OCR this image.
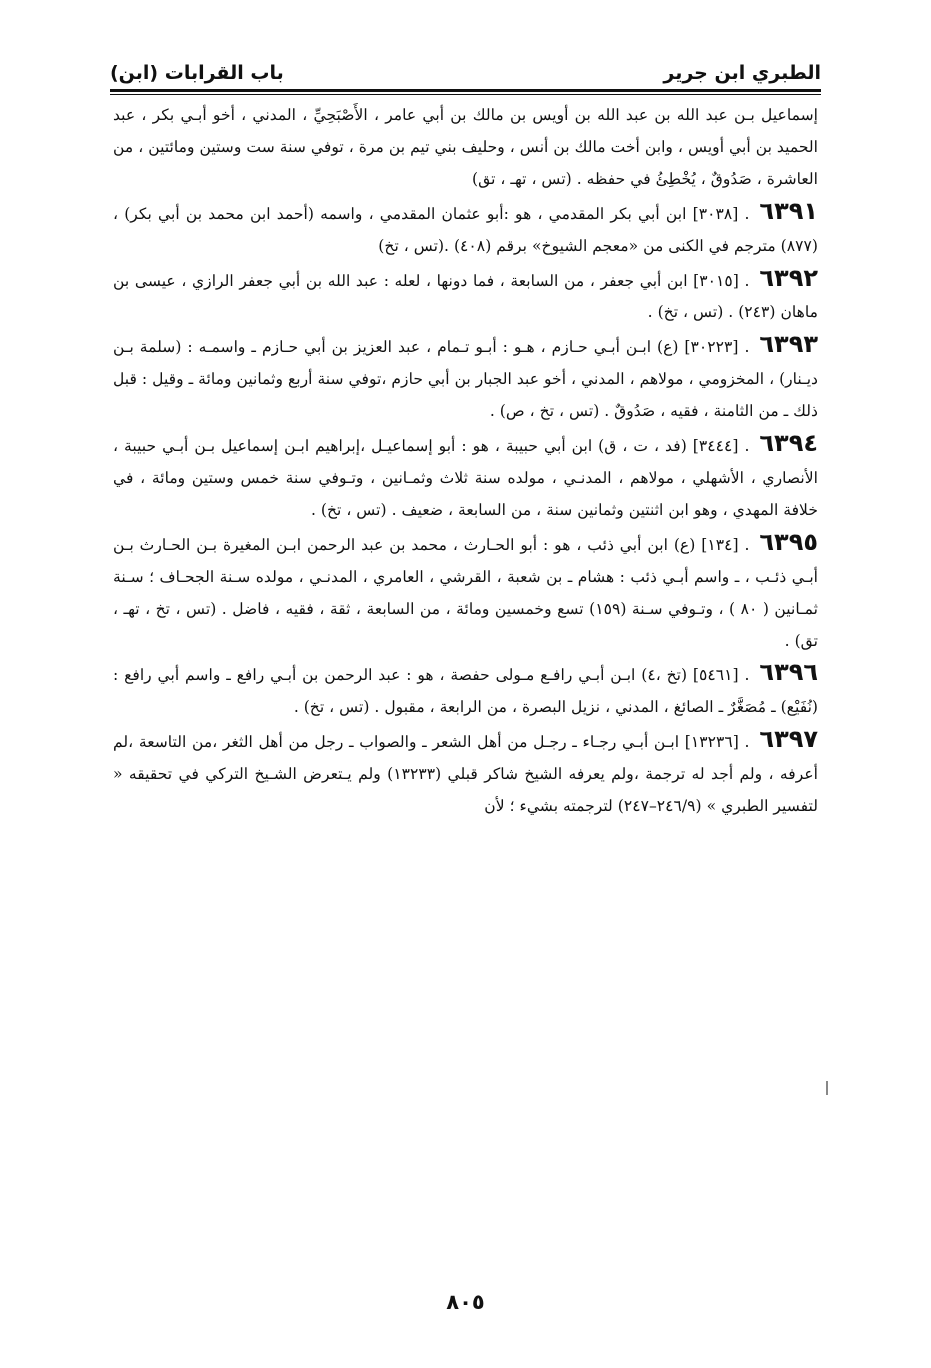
الطبري ابن جرير
باب القرابات (ابن)

إسماعيل بـن عبد الله بن عبد الله بن أويس بن مالك بن أبي عامر ، الأَصْبَحِيِّ ، المدني ، أخو أبـي بكر ، عبد الحميد بن أبي أويس ، وابن أخت مالك بن أنس ، وحليف بني تيم بن مرة ، توفي سنة ست وستين ومائتين ، من العاشرة ، صَدُوقٌ ، يُخْطِئُ في حفظه . (تس ، تهـ ، تق)

٦٣٩١. [٣٠٣٨] ابن أبي بكر المقدمي ، هو :أبو عثمان المقدمي ، واسمه (أحمد ابن محمد بن أبي بكر) ، (٨٧٧) مترجم في الكنى من «معجم الشيوخ» برقم (٤٠٨) .(تس ، تخ)

٦٣٩٢. [٣٠١٥] ابن أبي جعفر ، من السابعة ، فما دونها ، لعله : عبد الله بن أبي جعفر الرازي ، عيسى بن ماهان (٢٤٣) . (تس ، تخ) .

٦٣٩٣. [٣٠٢٢٣] (ع) ابـن أبـي حـازم ، هـو : أبـو تـمام ، عبد العزيز بن أبي حـازم ـ واسمـه : (سلمة بـن ديـنار) ، المخزومي ، مولاهم ، المدني ، أخو عبد الجبار بن أبي حازم ،توفي سنة أربع وثمانين ومائة ـ وقيل : قبل ذلك ـ من الثامنة ، فقيه ، صَدُوقٌ . (تس ، تخ ، ص) .

٦٣٩٤. [٣٤٤٤] (فد ، ت ، ق) ابن أبي حبيبة ، هو : أبو إسماعيـل ،إبراهيم ابـن إسماعيل بـن أبـي حبيبة ، الأنصاري ، الأشهلي ، مولاهم ، المدنـي ، مولده سنة ثلاث وثمـانين ، وتـوفي سنة خمس وستين ومائة ، في خلافة المهدي ، وهو ابن اثنتين وثمانين سنة ، من السابعة ، ضعيف . (تس ، تخ) .

٦٣٩٥. [١٣٤] (ع) ابن أبي ذئب ، هو : أبو الحـارث ، محمد بن عبد الرحمن ابـن المغيرة بـن الحـارث بـن أبـي ذئـب ، ـ واسم أبـي ذئب : هشام ـ بن شعبة ، القرشي ، العامري ، المدنـي ، مولده سـنة الجحـاف ؛ سـنة ثمـانين ( ٨٠ ) ، وتـوفي سـنة (١٥٩) تسع وخمسين ومائة ، من السابعة ، ثقة ، فقيه ، فاضل . (تس ، تخ ، تهـ ، تق) .

٦٣٩٦. [٥٤٦١] (تخ ،٤) ابـن أبـي رافـع مـولى حفصة ، هو : عبد الرحمن بن أبـي رافع ـ واسم أبي رافع : (نُفَيْع) ـ مُصَغَّرٌ ـ الصائغ ، المدني ، نزيل البصرة ، من الرابعة ، مقبول . (تس ، تخ) .

٦٣٩٧. [١٣٢٣٦] ابـن أبـي رجـاء ـ رجـل من أهل الشعر ـ والصواب ـ رجل من أهل الثغر ،من التاسعة ،لم أعرفه ، ولم أجد له ترجمة ،ولم يعرفه الشيخ شاكر قبلي (١٣٢٣٣) ولم يـتعرض الشـيخ التركي في تحقيقه « لتفسير الطبري » (٢٤٦/٩–٢٤٧) لترجمته بشيء ؛ لأن

٨٠٥
